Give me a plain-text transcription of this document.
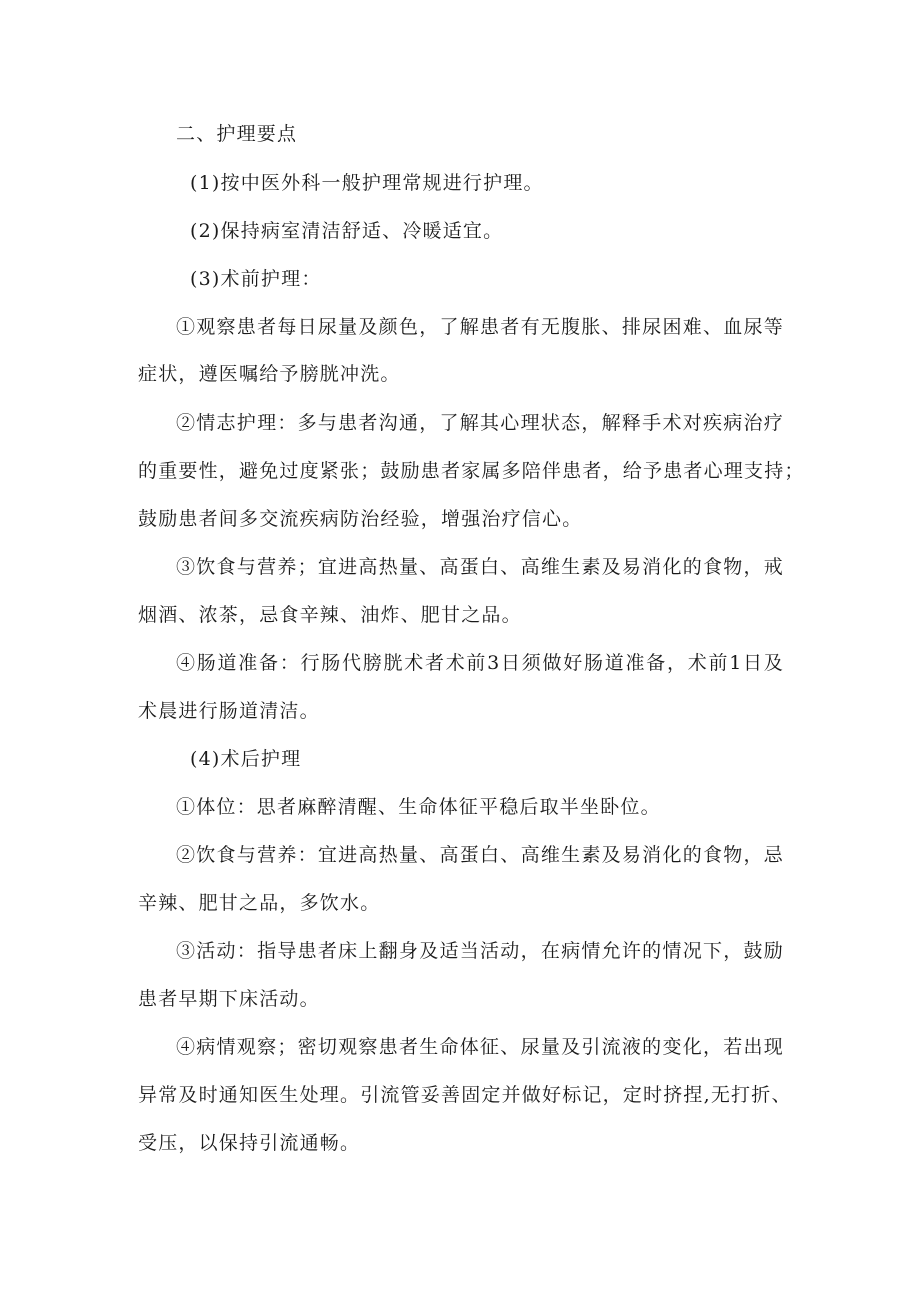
二、护理要点
(1)按中医外科一般护理常规进行护理。
(2)保持病室清洁舒适、冷暖适宜。
(3)术前护理：
①观察患者每日尿量及颜色，了解患者有无腹胀、排尿困难、血尿等
症状，遵医嘱给予膀胱冲洗。
②情志护理：多与患者沟通，了解其心理状态，解释手术对疾病治疗
的重要性，避免过度紧张；鼓励患者家属多陪伴患者，给予患者心理支持；
鼓励患者间多交流疾病防治经验，增强治疗信心。
③饮食与营养；宜进高热量、高蛋白、高维生素及易消化的食物，戒
烟酒、浓茶，忌食辛辣、油炸、肥甘之品。
④肠道准备：行肠代膀胱术者术前3日须做好肠道准备，术前1日及
术晨进行肠道清洁。
(4)术后护理
①体位：思者麻醉清醒、生命体征平稳后取半坐卧位。
②饮食与营养：宜进高热量、高蛋白、高维生素及易消化的食物，忌
辛辣、肥甘之品，多饮水。
③活动：指导患者床上翻身及适当活动，在病情允许的情况下，鼓励
患者早期下床活动。
④病情观察；密切观察患者生命体征、尿量及引流液的变化，若出现
异常及时通知医生处理。引流管妥善固定并做好标记，定时挤捏,无打折、
受压，以保持引流通畅。
